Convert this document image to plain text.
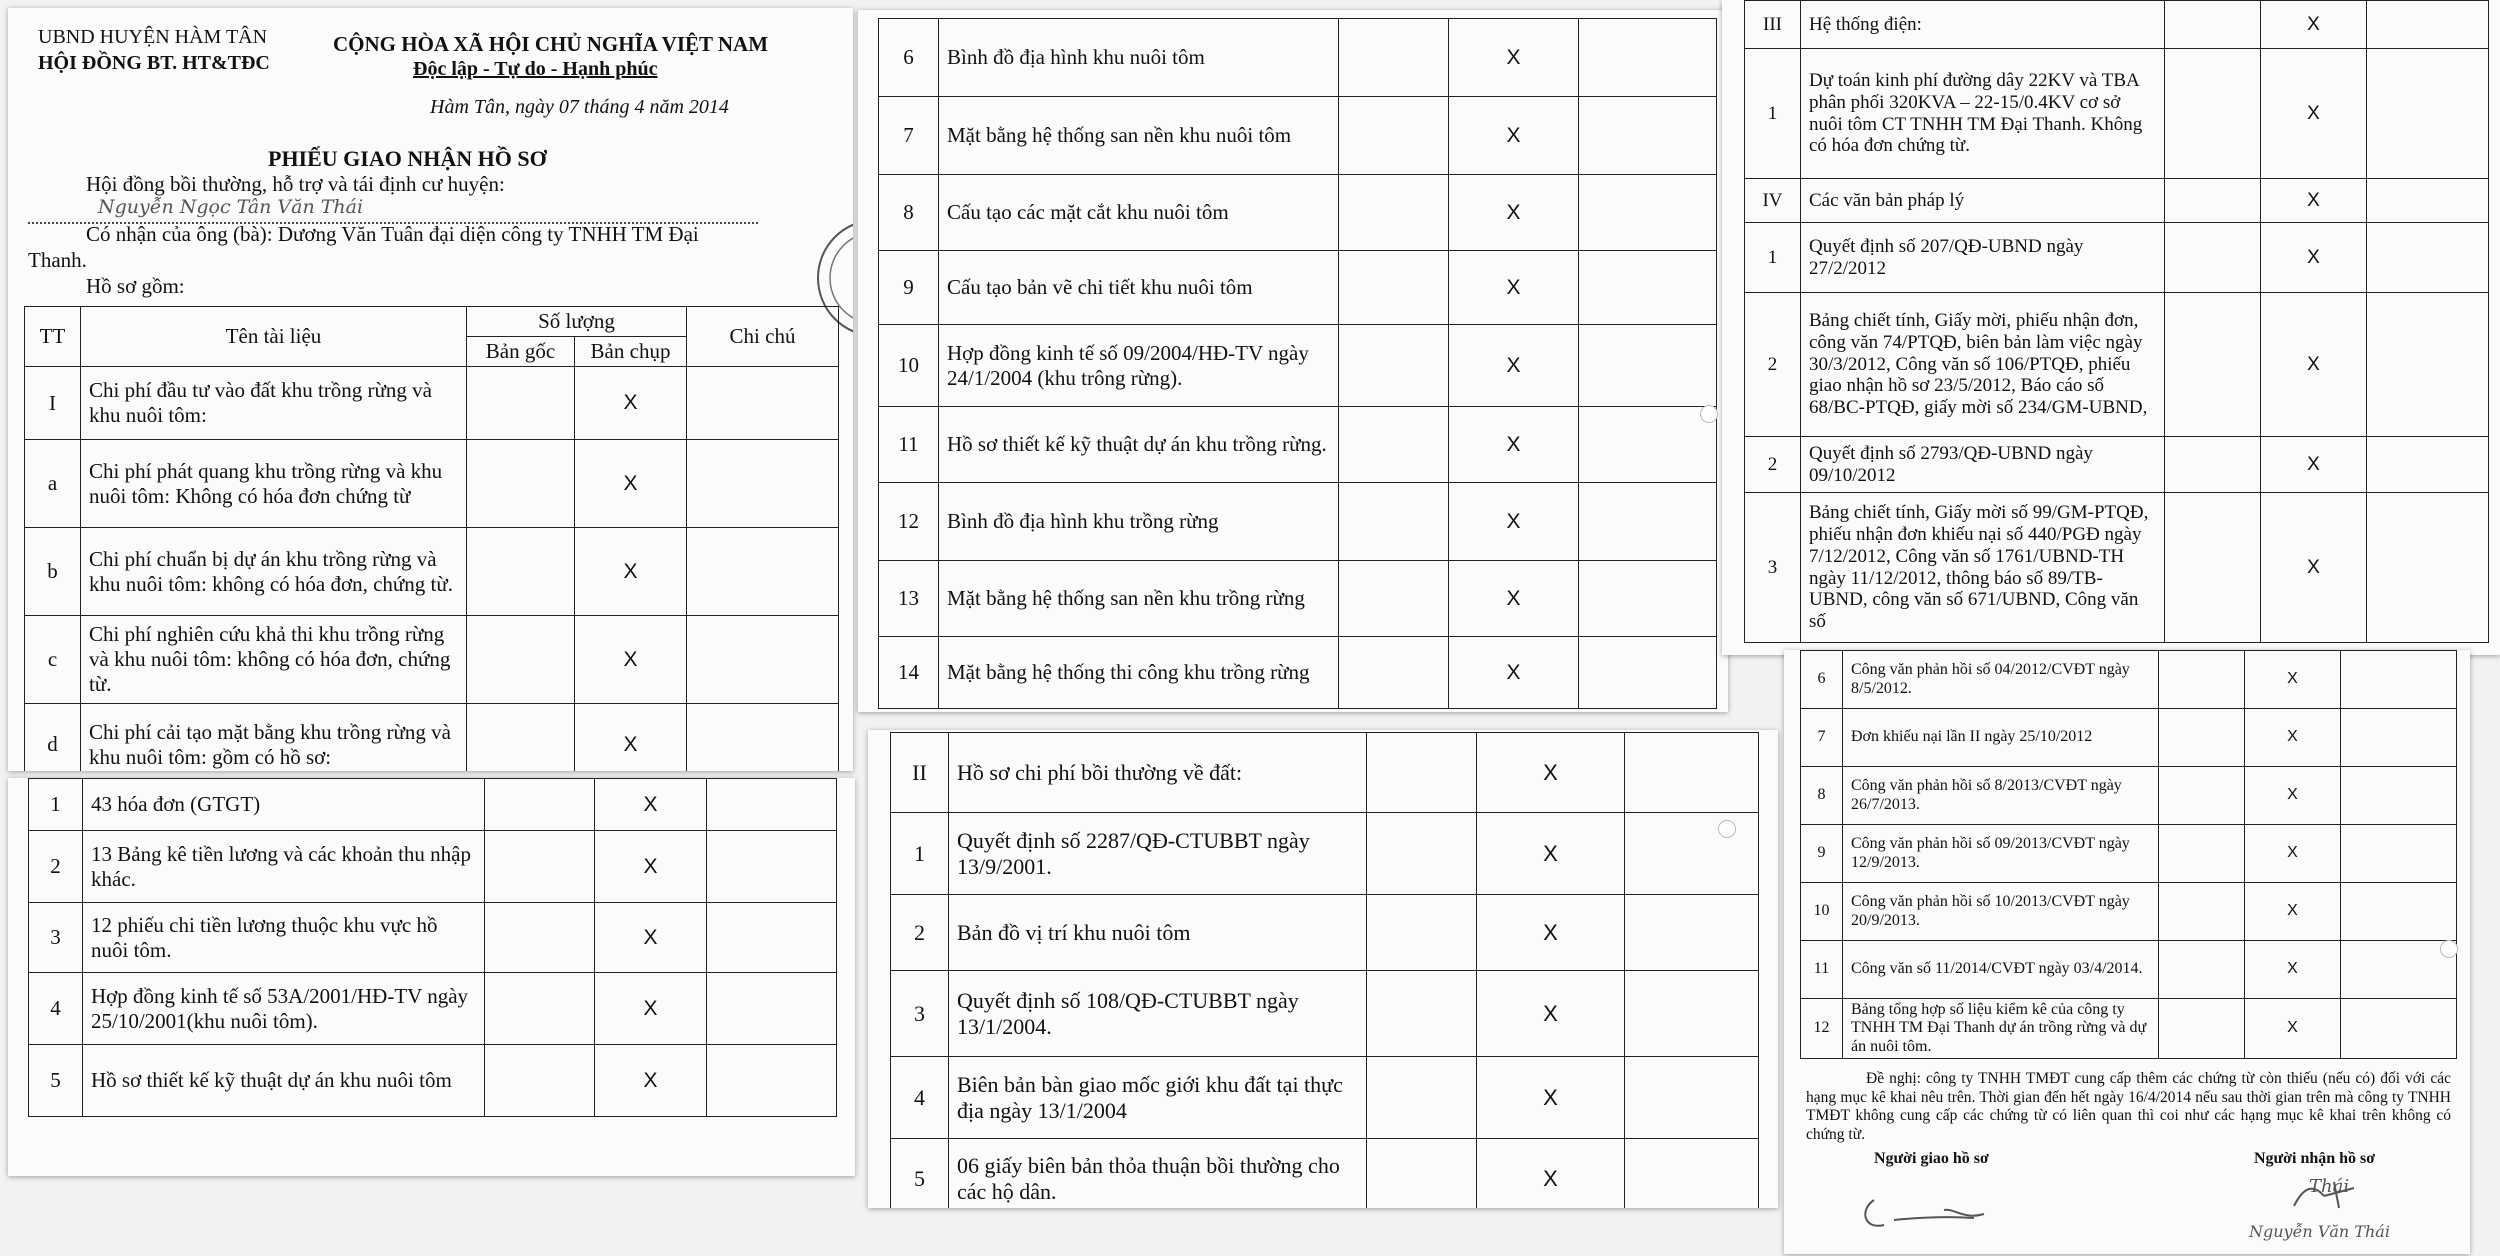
UBND HUYỆN HÀM TÂN
HỘI ĐỒNG BT. HT&TĐC
CỘNG HÒA XÃ HỘI CHỦ NGHĨA VIỆT NAM
Độc lập - Tự do - Hạnh phúc
Hàm Tân, ngày 07 tháng 4 năm 2014
PHIẾU GIAO NHẬN HỒ SƠ
Hội đồng bồi thường, hỗ trợ và tái định cư huyện:
Nguyễn Ngọc Tân Văn Thái
Có nhận của ông (bà): Dương Văn Tuân đại diện công ty TNHH TM Đại
Thanh.
Hồ sơ gồm:
TT	Tên tài liệu	Số lượng		Chi chú
		Bản gốc	Bản chụp	
I	Chi phí đầu tư vào đất khu trồng rừng và khu nuôi tôm:		X	
a	Chi phí phát quang khu trồng rừng và khu nuôi tôm: Không có hóa đơn chứng từ		X	
b	Chi phí chuẩn bị dự án khu trồng rừng và khu nuôi tôm: không có hóa đơn, chứng từ.		X	
c	Chi phí nghiên cứu khả thi khu trồng rừng và khu nuôi tôm: không có hóa đơn, chứng từ.		X	
d	Chi phí cải tạo mặt bằng khu trồng rừng và khu nuôi tôm: gồm có hồ sơ:		X	
1	43 hóa đơn (GTGT)		X	
2	13 Bảng kê tiền lương và các khoản thu nhập khác.		X	
3	12 phiếu chi tiền lương thuộc khu vực hồ nuôi tôm.		X	
4	Hợp đồng kinh tế số 53A/2001/HĐ-TV ngày 25/10/2001(khu nuôi tôm).		X	
5	Hồ sơ thiết kế kỹ thuật dự án khu nuôi tôm		X	
6	Bình đồ địa hình khu nuôi tôm		X	
7	Mặt bằng hệ thống san nền khu nuôi tôm		X	
8	Cấu tạo các mặt cắt khu nuôi tôm		X	
9	Cấu tạo bản vẽ chi tiết khu nuôi tôm		X	
10	Hợp đồng kinh tế số 09/2004/HĐ-TV ngày 24/1/2004 (khu trông rừng).		X	
11	Hồ sơ thiết kế kỹ thuật dự án khu trồng rừng.		X	
12	Bình đồ địa hình khu trồng rừng		X	
13	Mặt bằng hệ thống san nền khu trồng rừng		X	
14	Mặt bằng hệ thống thi công khu trồng rừng		X	
II	Hồ sơ chi phí bồi thường về đất:		X	
1	Quyết định số 2287/QĐ-CTUBBT ngày 13/9/2001.		X	
2	Bản đồ vị trí khu nuôi tôm		X	
3	Quyết định số 108/QĐ-CTUBBT ngày 13/1/2004.		X	
4	Biên bản bàn giao mốc giới khu đất tại thực địa ngày 13/1/2004		X	
5	06 giấy biên bản thỏa thuận bồi thường cho các hộ dân.		X	
III	Hệ thống điện:		X	
1	Dự toán kinh phí đường dây 22KV và TBA phân phối 320KVA – 22-15/0.4KV cơ sở nuôi tôm CT TNHH TM Đại Thanh. Không có hóa đơn chứng từ.		X	
IV	Các văn bản pháp lý		X	
1	Quyết định số 207/QĐ-UBND ngày 27/2/2012		X	
2	Bảng chiết tính, Giấy mời, phiếu nhận đơn, công văn 74/PTQĐ, biên bản làm việc ngày 30/3/2012, Công văn số 106/PTQĐ, phiếu giao nhận hồ sơ 23/5/2012, Báo cáo số 68/BC-PTQĐ, giấy mời số 234/GM-UBND,		X	
2	Quyết định số 2793/QĐ-UBND ngày 09/10/2012		X	
3	Bảng chiết tính, Giấy mời số 99/GM-PTQĐ, phiếu nhận đơn khiếu nại số 440/PGĐ ngày 7/12/2012, Công văn số 1761/UBND-TH ngày 11/12/2012, thông báo số 89/TB-UBND, công văn số 671/UBND, Công văn số		X	
6	Công văn phản hồi số 04/2012/CVĐT ngày 8/5/2012.		X	
7	Đơn khiếu nại lần II ngày 25/10/2012		X	
8	Công văn phản hồi số 8/2013/CVĐT ngày 26/7/2013.		X	
9	Công văn phản hồi số 09/2013/CVĐT ngày 12/9/2013.		X	
10	Công văn phản hồi số 10/2013/CVĐT ngày 20/9/2013.		X	
11	Công văn số 11/2014/CVĐT ngày 03/4/2014.		X	
12	Bảng tổng hợp số liệu kiểm kê của công ty TNHH TM Đại Thanh dự án trồng rừng và dự án nuôi tôm.		X	
Đề nghị: công ty TNHH TMĐT cung cấp thêm các chứng từ còn thiếu (nếu có) đối với các hạng mục kê khai nêu trên. Thời gian đến hết ngày 16/4/2014 nếu sau thời gian trên mà công ty TNHH TMĐT không cung cấp các chứng từ có liên quan thì coi như các hạng mục kê khai trên không có chứng từ.
Người giao hồ sơ	Người nhận hồ sơ
Thái
Nguyễn Văn Thái
